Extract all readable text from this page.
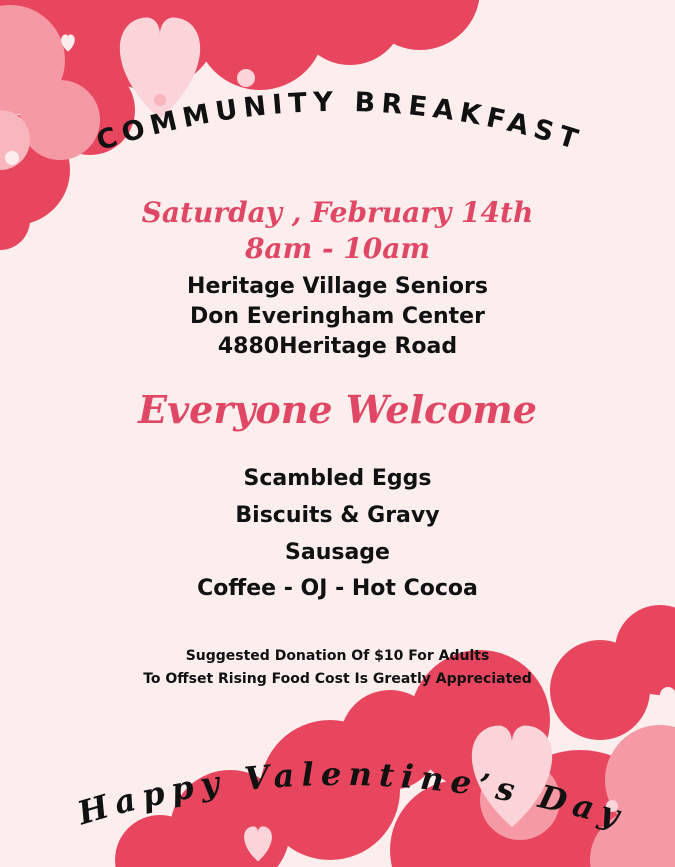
COMMUNITY BREAKFAST
Saturday , February 14th
8am - 10am
Heritage Village Seniors
Don Everingham Center
4880Heritage Road
Everyone Welcome
Scambled Eggs
Biscuits & Gravy
Sausage
Coffee - OJ - Hot Cocoa
Suggested Donation Of $10 For Adults
To Offset Rising Food Cost Is Greatly Appreciated
Happy Valentine’s Day
